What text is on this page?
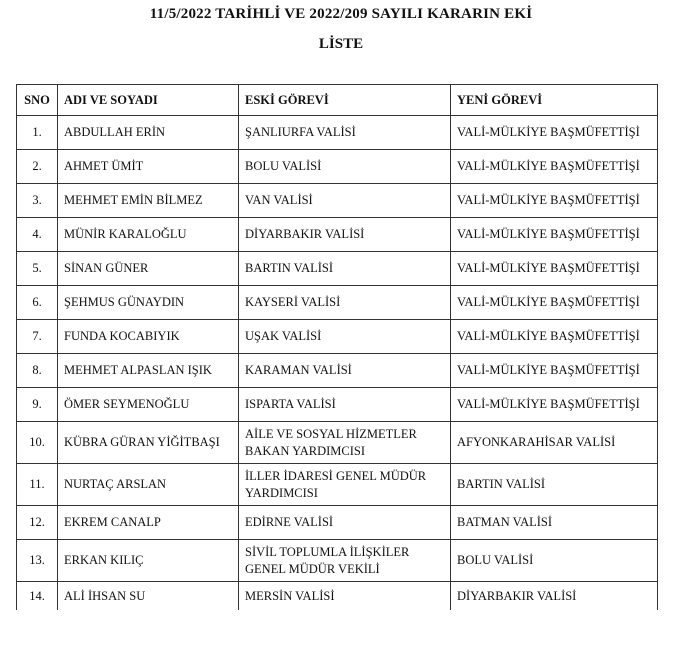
11/5/2022 TARİHLİ VE 2022/209 SAYILI KARARIN EKİ
LİSTE
SNO	ADI VE SOYADI	ESKİ GÖREVİ	YENİ GÖREVİ
1.	ABDULLAH ERİN	ŞANLIURFA VALİSİ	VALİ-MÜLKİYE BAŞMÜFETTİŞİ
2.	AHMET ÜMİT	BOLU VALİSİ	VALİ-MÜLKİYE BAŞMÜFETTİŞİ
3.	MEHMET EMİN BİLMEZ	VAN VALİSİ	VALİ-MÜLKİYE BAŞMÜFETTİŞİ
4.	MÜNİR KARALOĞLU	DİYARBAKIR VALİSİ	VALİ-MÜLKİYE BAŞMÜFETTİŞİ
5.	SİNAN GÜNER	BARTIN VALİSİ	VALİ-MÜLKİYE BAŞMÜFETTİŞİ
6.	ŞEHMUS GÜNAYDIN	KAYSERİ VALİSİ	VALİ-MÜLKİYE BAŞMÜFETTİŞİ
7.	FUNDA KOCABIYIK	UŞAK VALİSİ	VALİ-MÜLKİYE BAŞMÜFETTİŞİ
8.	MEHMET ALPASLAN IŞIK	KARAMAN VALİSİ	VALİ-MÜLKİYE BAŞMÜFETTİŞİ
9.	ÖMER SEYMENOĞLU	ISPARTA VALİSİ	VALİ-MÜLKİYE BAŞMÜFETTİŞİ
10.	KÜBRA GÜRAN YİĞİTBAŞI	AİLE VE SOSYAL HİZMETLER BAKAN YARDIMCISI	AFYONKARAHİSAR VALİSİ
11.	NURTAÇ ARSLAN	İLLER İDARESİ GENEL MÜDÜR YARDIMCISI	BARTIN VALİSİ
12.	EKREM CANALP	EDİRNE VALİSİ	BATMAN VALİSİ
13.	ERKAN KILIÇ	SİVİL TOPLUMLA İLİŞKİLER GENEL MÜDÜR VEKİLİ	BOLU VALİSİ
14.	ALİ İHSAN SU	MERSİN VALİSİ	DİYARBAKIR VALİSİ
